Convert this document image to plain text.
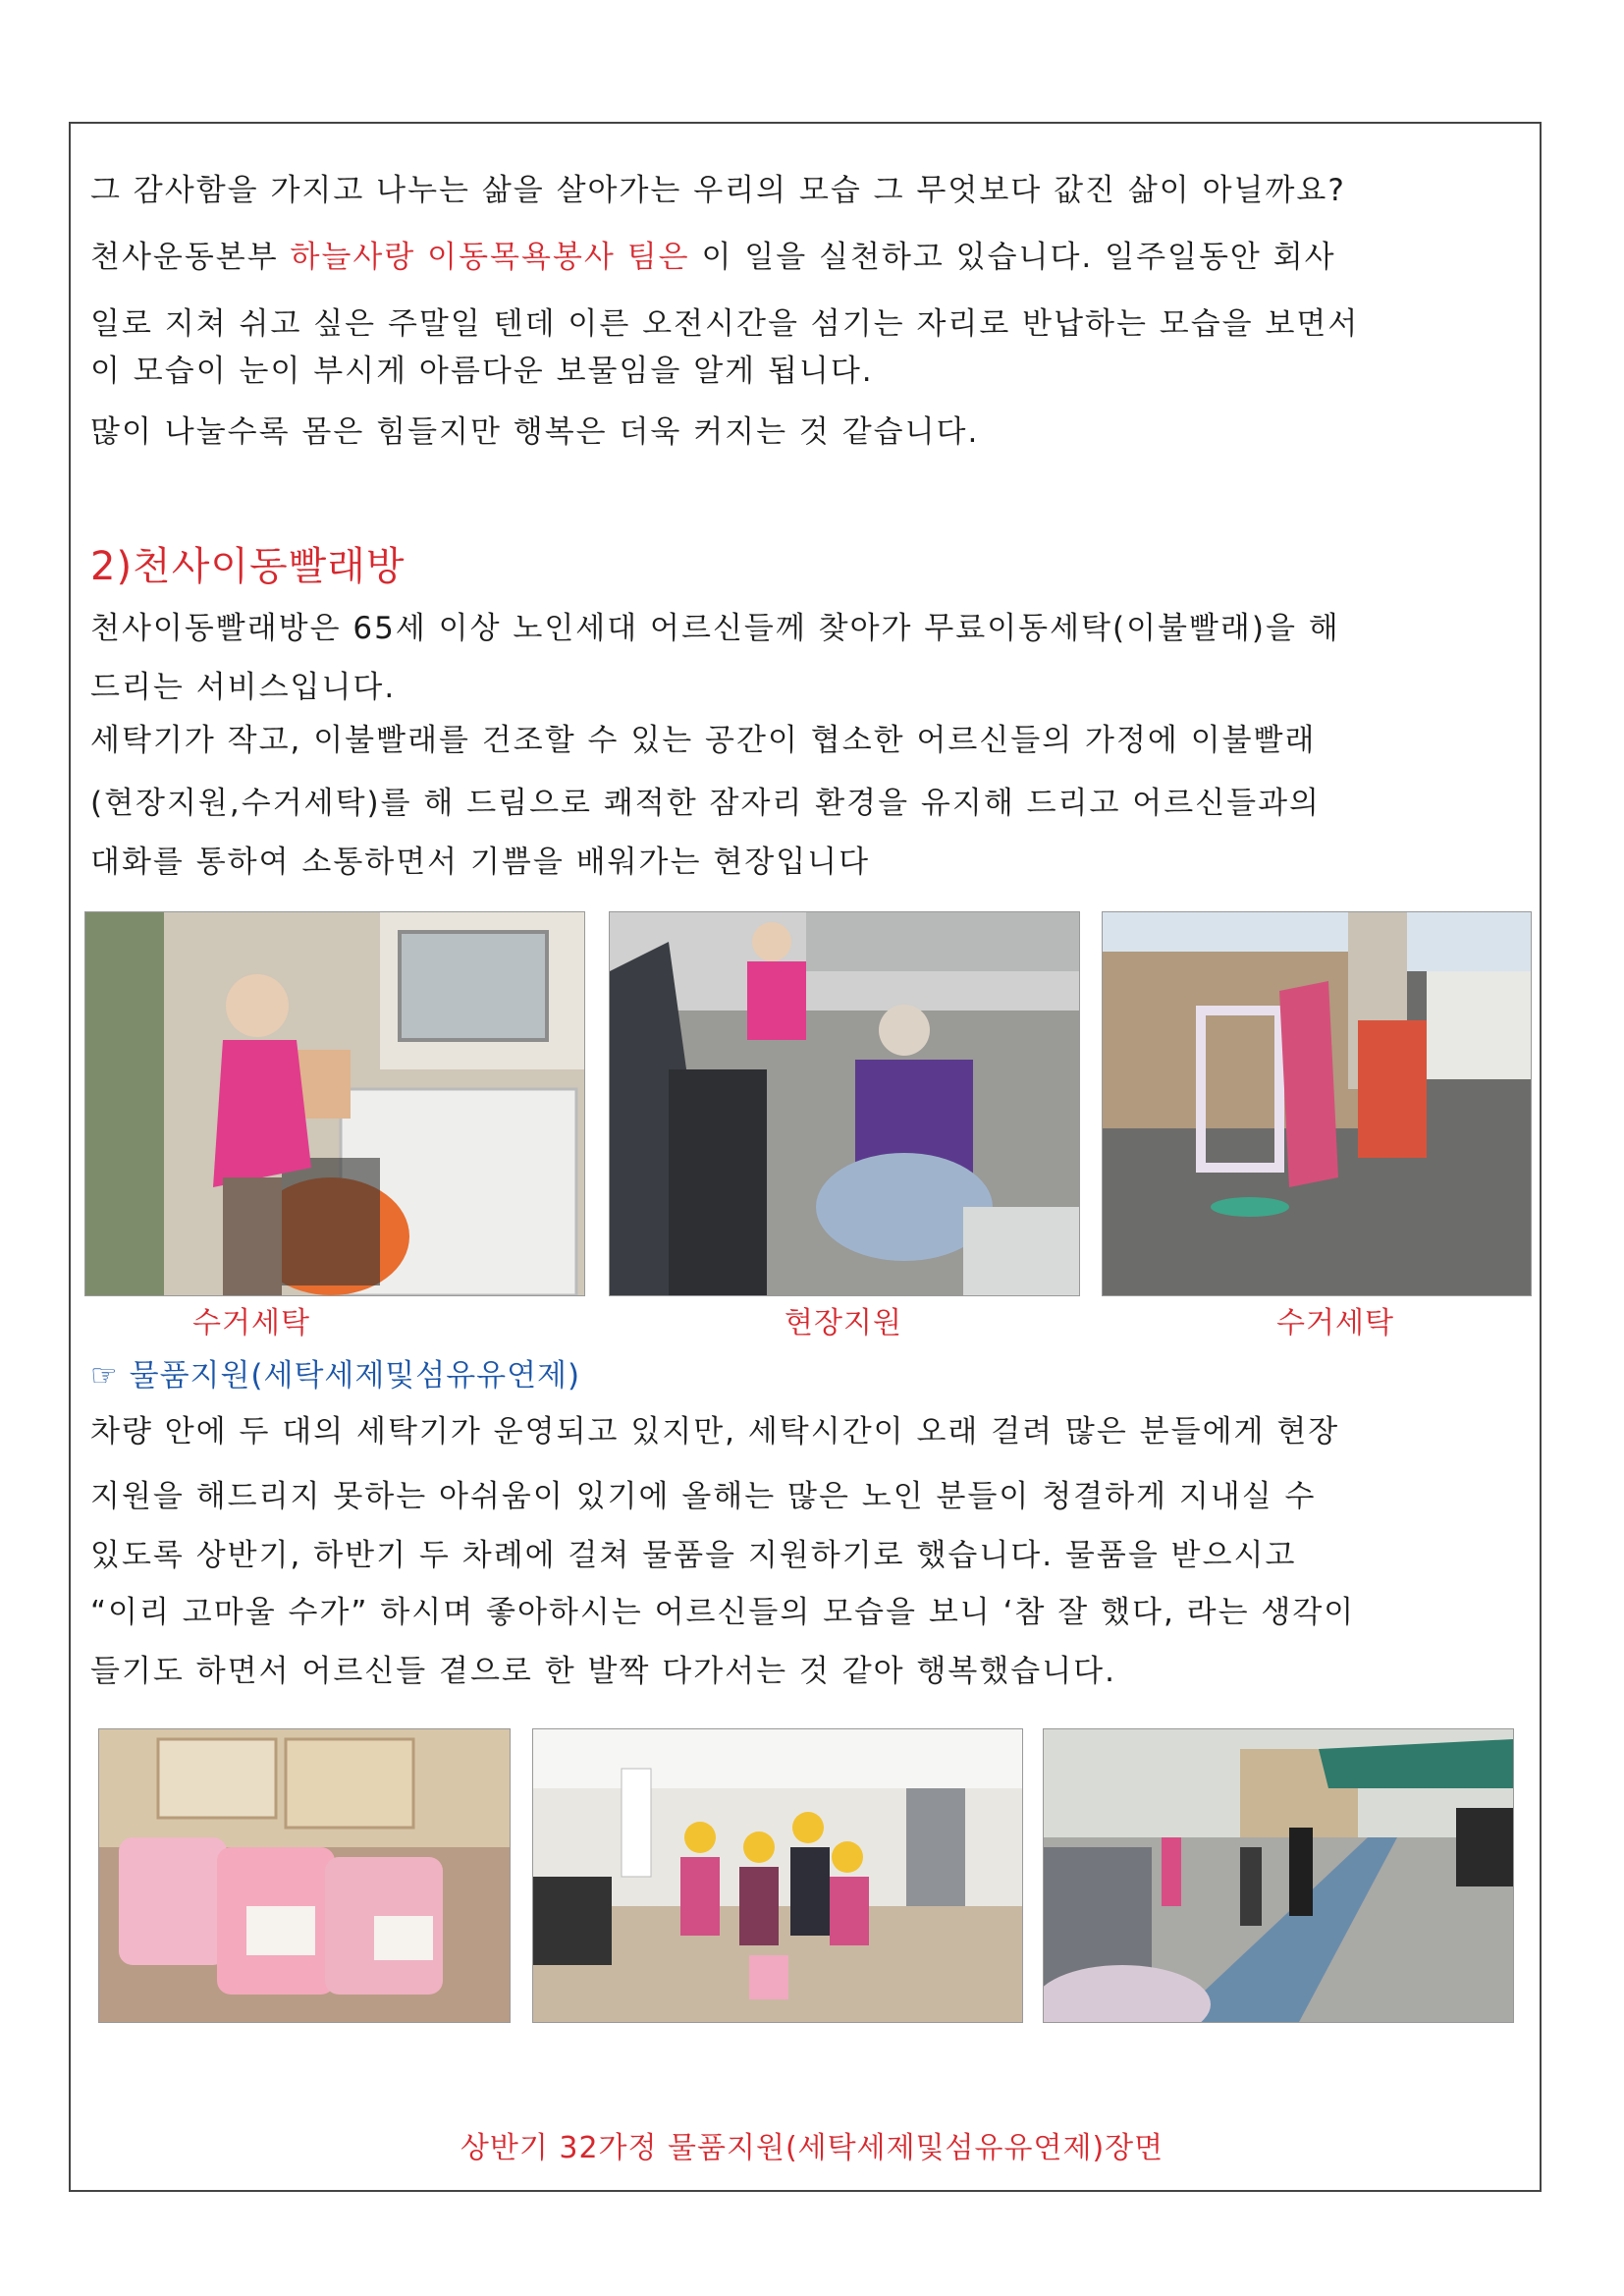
그 감사함을 가지고 나누는 삶을 살아가는 우리의 모습 그 무엇보다 값진 삶이 아닐까요?
천사운동본부 하늘사랑 이동목욕봉사 팀은 이 일을 실천하고 있습니다. 일주일동안 회사
일로 지쳐 쉬고 싶은 주말일 텐데 이른 오전시간을 섬기는 자리로 반납하는 모습을 보면서
이 모습이 눈이 부시게 아름다운 보물임을 알게 됩니다.
많이 나눌수록 몸은 힘들지만 행복은 더욱 커지는 것 같습니다.
2)천사이동빨래방
천사이동빨래방은 65세 이상 노인세대 어르신들께 찾아가 무료이동세탁(이불빨래)을 해
드리는 서비스입니다.
세탁기가 작고, 이불빨래를 건조할 수 있는 공간이 협소한 어르신들의 가정에 이불빨래
(현장지원,수거세탁)를 해 드림으로 쾌적한 잠자리 환경을 유지해 드리고 어르신들과의
대화를 통하여 소통하면서 기쁨을 배워가는 현장입니다
수거세탁	현장지원	수거세탁
☞ 물품지원(세탁세제및섬유유연제)
차량 안에 두 대의 세탁기가 운영되고 있지만, 세탁시간이 오래 걸려 많은 분들에게 현장
지원을 해드리지 못하는 아쉬움이 있기에 올해는 많은 노인 분들이 청결하게 지내실 수
있도록 상반기, 하반기 두 차례에 걸쳐 물품을 지원하기로 했습니다. 물품을 받으시고
“이리 고마울 수가” 하시며 좋아하시는 어르신들의 모습을 보니 ‘참 잘 했다, 라는 생각이
들기도 하면서 어르신들 곁으로 한 발짝 다가서는 것 같아 행복했습니다.
상반기 32가정 물품지원(세탁세제및섬유유연제)장면
